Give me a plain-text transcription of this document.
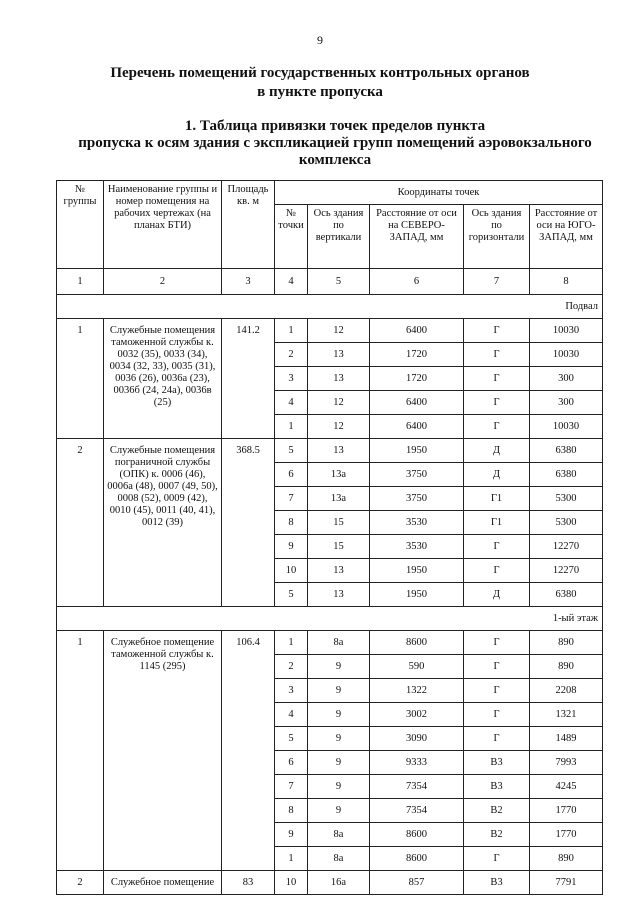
9
Перечень помещений государственных контрольных органов
в пункте пропуска
1. Таблица привязки точек пределов пункта
пропуска к осям здания с экспликацией групп помещений аэровокзального
комплекса
№ группы	Наименование группы и номер помещения на рабочих чертежах (на планах БТИ)	Площадь кв. м	Координаты точек				
			№ точки	Ось здания по вертикали	Расстояние от оси на СЕВЕРО-ЗАПАД, мм	Ось здания по горизонтали	Расстояние от оси на ЮГО-ЗАПАД, мм
1	2	3	4	5	6	7	8
Подвал							
1	Служебные помещения таможенной службы к. 0032 (35), 0033 (34), 0034 (32, 33), 0035 (31), 0036 (26), 0036а (23), 0036б (24, 24а), 0036в (25)	141.2	1	12	6400	Г	10030
			2	13	1720	Г	10030
			3	13	1720	Г	300
			4	12	6400	Г	300
			1	12	6400	Г	10030
2	Служебные помещения пограничной службы (ОПК) к. 0006 (46), 0006а (48), 0007 (49, 50), 0008 (52), 0009 (42), 0010 (45), 0011 (40, 41), 0012 (39)	368.5	5	13	1950	Д	6380
			6	13а	3750	Д	6380
			7	13а	3750	Г1	5300
			8	15	3530	Г1	5300
			9	15	3530	Г	12270
			10	13	1950	Г	12270
			5	13	1950	Д	6380
1-ый этаж							
1	Служебное помещение таможенной службы к. 1145 (295)	106.4	1	8а	8600	Г	890
			2	9	590	Г	890
			3	9	1322	Г	2208
			4	9	3002	Г	1321
			5	9	3090	Г	1489
			6	9	9333	В3	7993
			7	9	7354	В3	4245
			8	9	7354	В2	1770
			9	8а	8600	В2	1770
			1	8а	8600	Г	890
2	Служебное помещение	83	10	16а	857	В3	7791
